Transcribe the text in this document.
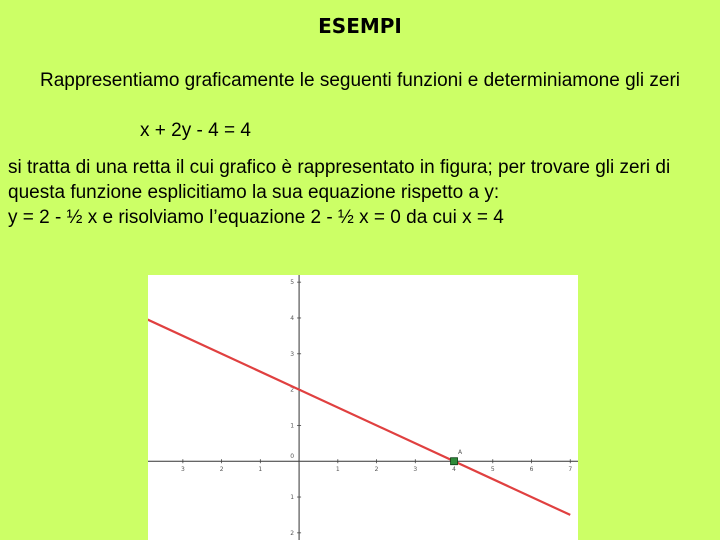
ESEMPI
Rappresentiamo graficamente le seguenti funzioni e determiniamone gli zeri
x + 2y - 4 = 4
si tratta di una retta il cui grafico è rappresentato in figura; per trovare gli zeri di
questa funzione esplicitiamo la sua equazione rispetto a y:
y = 2 - ½ x e risolviamo l’equazione 2 - ½ x = 0 da cui x = 4
3	2	1	1	2	3	4	5	6	7
5
4
3
2
1
0
1
2
A
